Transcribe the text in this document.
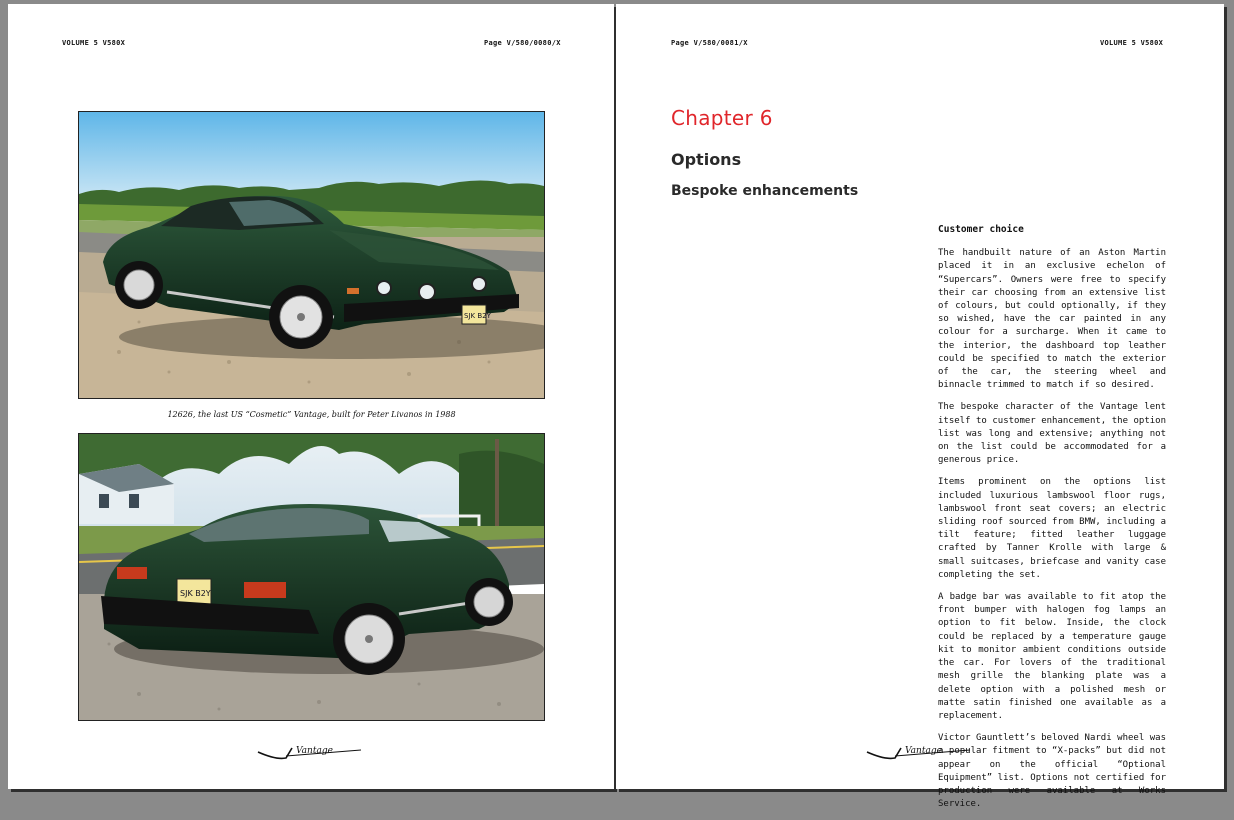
VOLUME 5 V580X	Page V/580/0080/X
SJK B2Y
12626, the last US “Cosmetic” Vantage, built for Peter Livanos in 1988
SJK B2Y
Vantage
Page V/580/0081/X	VOLUME 5 V580X
Chapter 6
Options
Bespoke enhancements
Customer choice

The handbuilt nature of an Aston Martin placed it in an exclusive echelon of “Supercars”. Owners were free to specify their car choosing from an extensive list of colours, but could optionally, if they so wished, have the car painted in any colour for a surcharge. When it came to the interior, the dashboard top leather could be specified to match the exterior of the car, the steering wheel and binnacle trimmed to match if so desired.

The bespoke character of the Vantage lent itself to customer enhancement, the option list was long and extensive; anything not on the list could be accommodated for a generous price.

Items prominent on the options list included luxurious lambswool floor rugs, lambswool front seat covers; an electric sliding roof sourced from BMW, including a tilt feature; fitted leather luggage crafted by Tanner Krolle with large & small suitcases, briefcase and vanity case completing the set.

A badge bar was available to fit atop the front bumper with halogen fog lamps an option to fit below. Inside, the clock could be replaced by a temperature gauge kit to monitor ambient conditions outside the car. For lovers of the traditional mesh grille the blanking plate was a delete option with a polished mesh or matte satin finished one available as a replacement.

Victor Gauntlett’s beloved Nardi wheel was a popular fitment to “X-packs” but did not appear on the official “Optional Equipment” list. Options not certified for production were available at Works Service.

Vantage
